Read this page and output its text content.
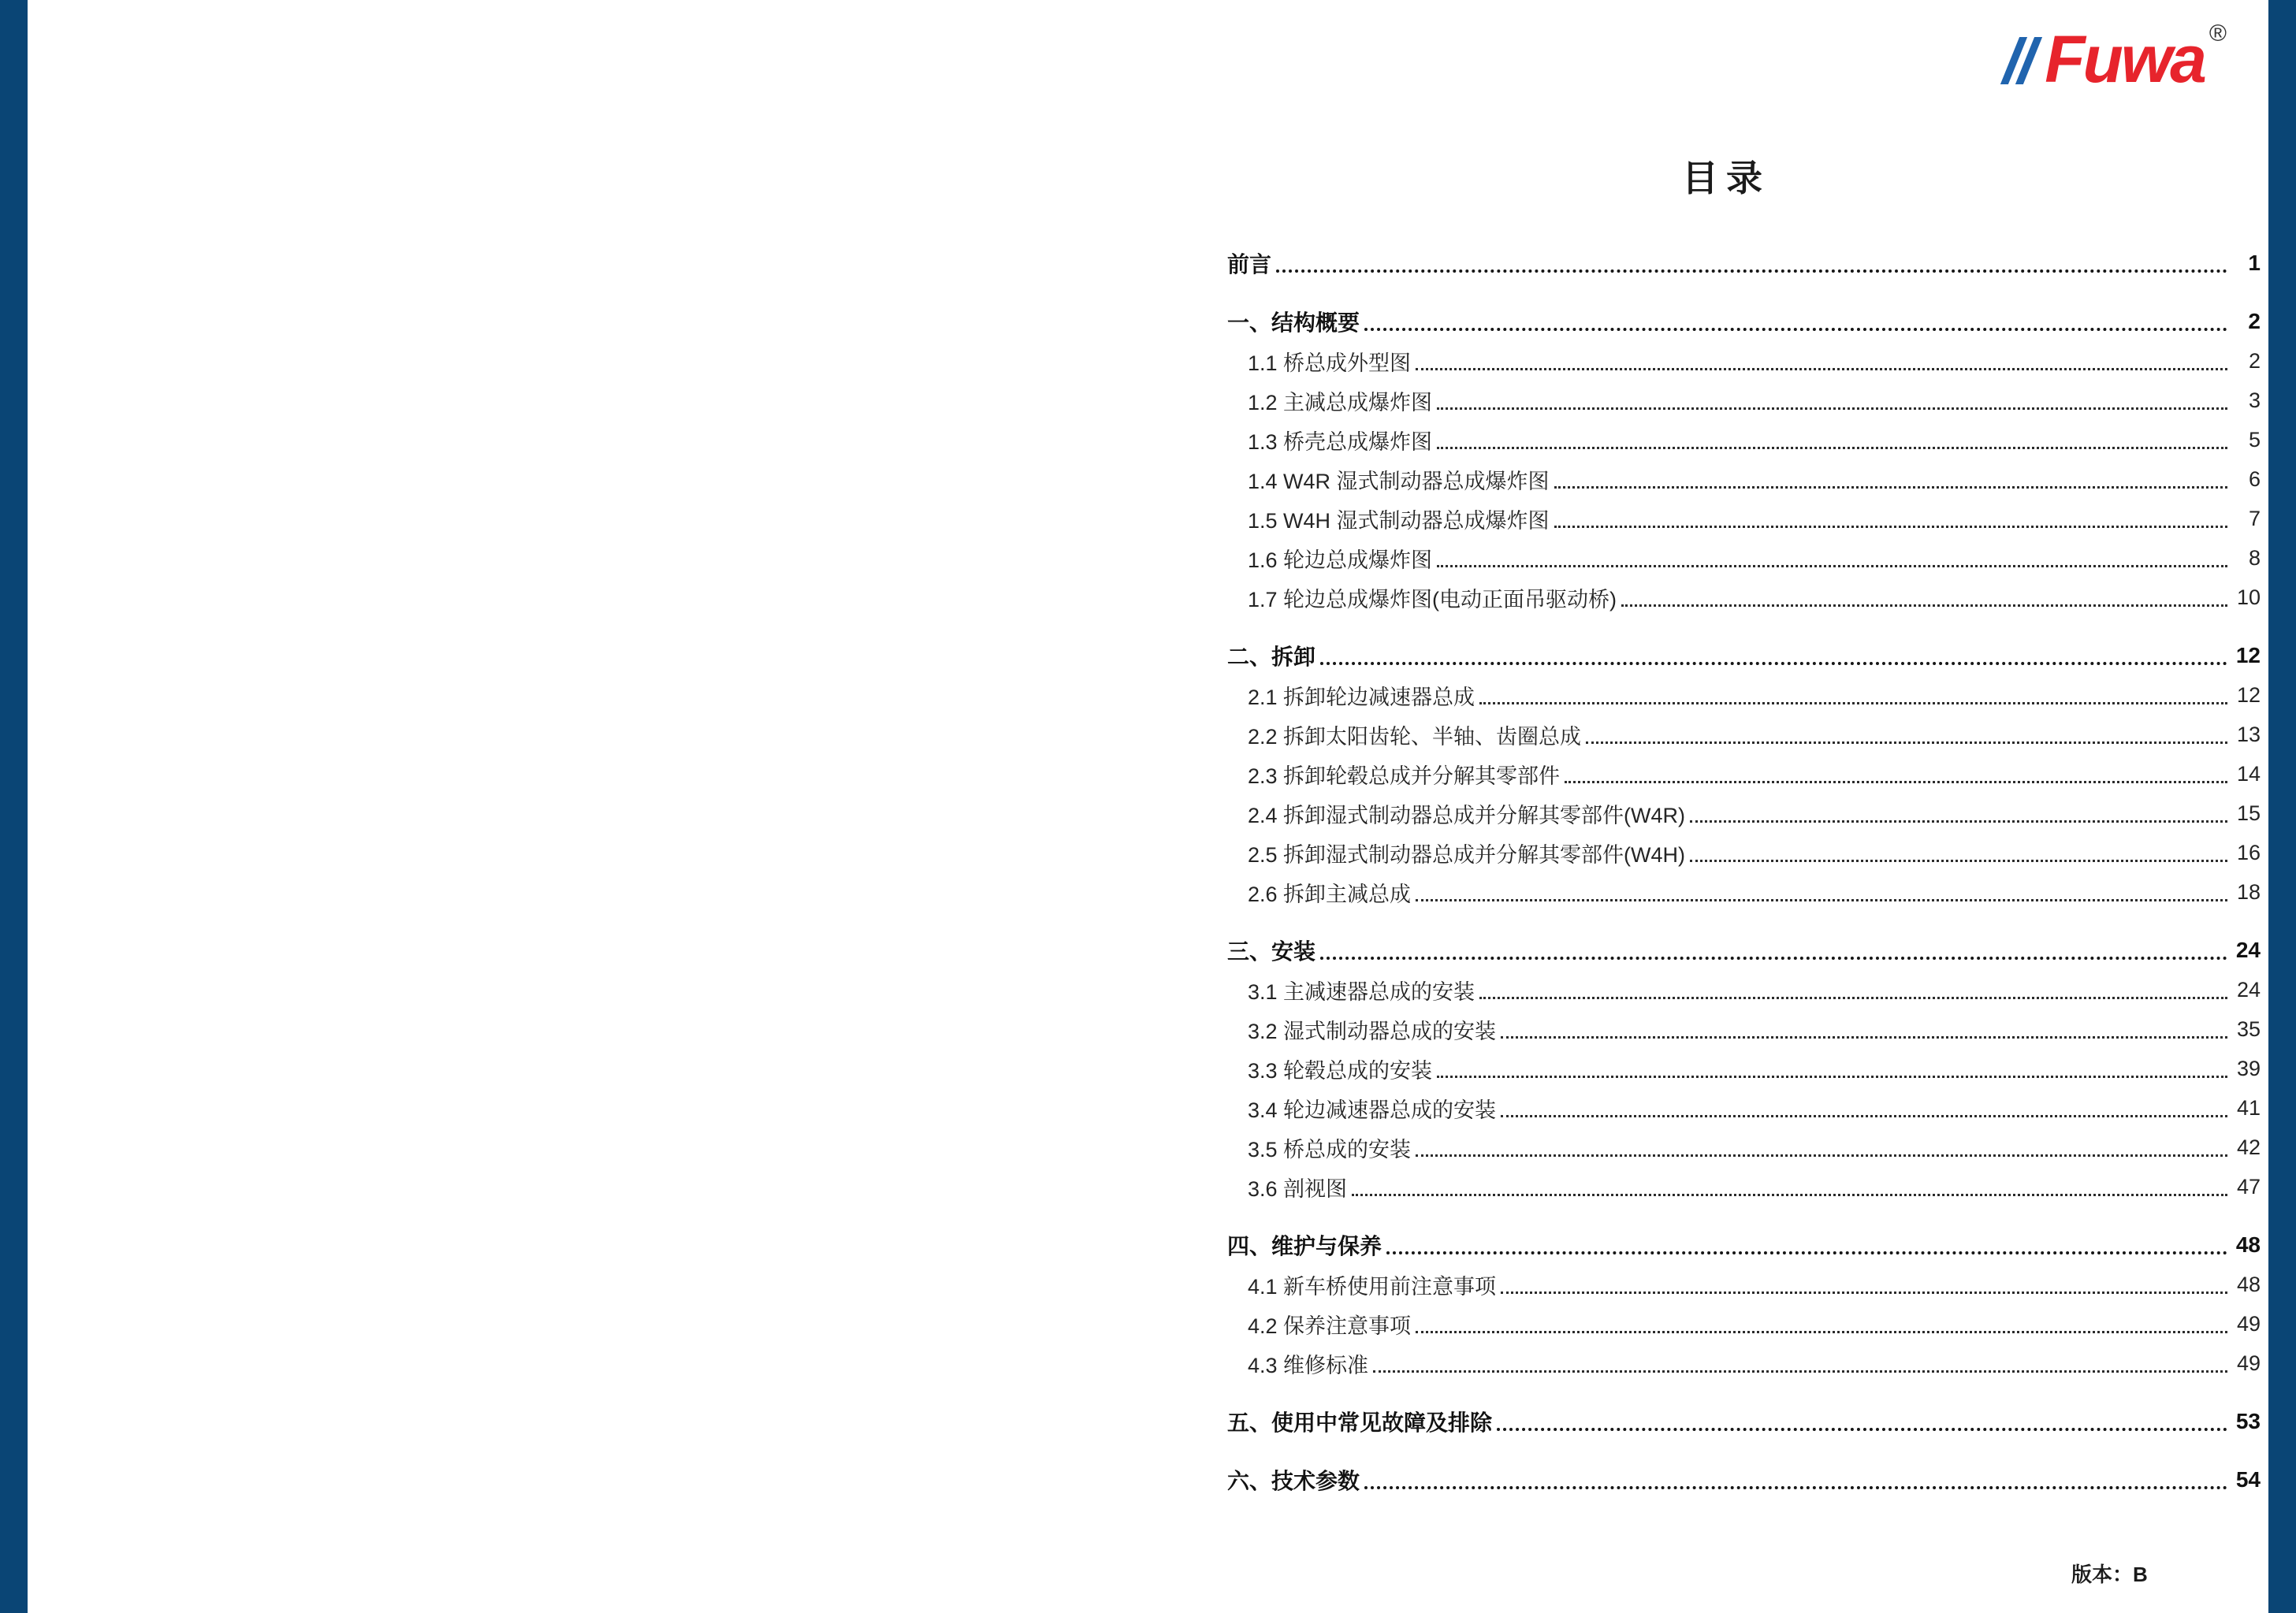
Fuwa ®
目录
前言	1
一、结构概要	2
1.1 桥总成外型图	2
1.2 主减总成爆炸图	3
1.3 桥壳总成爆炸图	5
1.4 W4R 湿式制动器总成爆炸图	6
1.5 W4H 湿式制动器总成爆炸图	7
1.6 轮边总成爆炸图	8
1.7 轮边总成爆炸图(电动正面吊驱动桥)	10
二、拆卸	12
2.1 拆卸轮边减速器总成	12
2.2 拆卸太阳齿轮、半轴、齿圈总成	13
2.3 拆卸轮毂总成并分解其零部件	14
2.4 拆卸湿式制动器总成并分解其零部件(W4R)	15
2.5 拆卸湿式制动器总成并分解其零部件(W4H)	16
2.6 拆卸主减总成	18
三、安装	24
3.1 主减速器总成的安装	24
3.2 湿式制动器总成的安装	35
3.3 轮毂总成的安装	39
3.4 轮边减速器总成的安装	41
3.5 桥总成的安装	42
3.6 剖视图	47
四、维护与保养	48
4.1 新车桥使用前注意事项	48
4.2 保养注意事项	49
4.3 维修标准	49
五、使用中常见故障及排除	53
六、技术参数	54
版本：B
